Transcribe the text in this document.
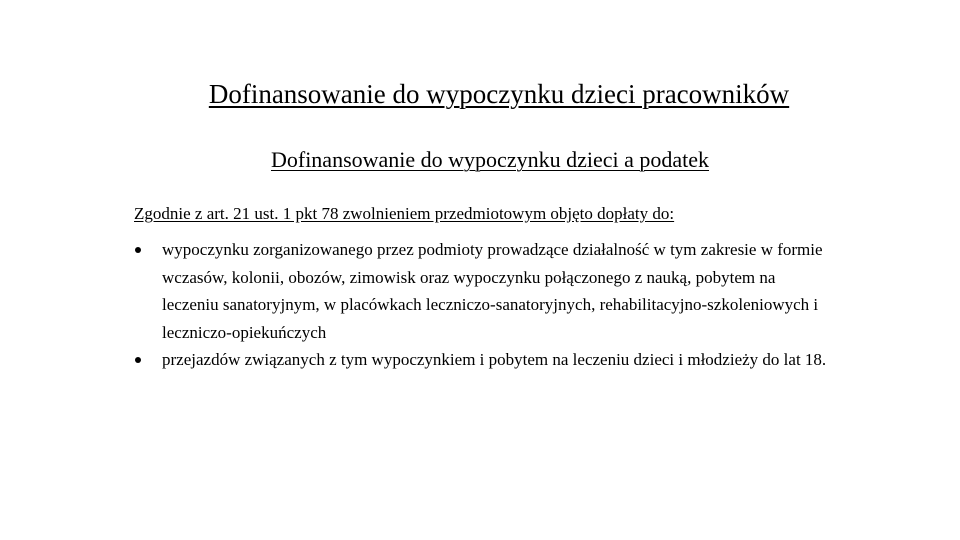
Dofinansowanie do wypoczynku dzieci pracowników
Dofinansowanie do wypoczynku dzieci a podatek

Zgodnie z art. 21 ust. 1 pkt 78 zwolnieniem przedmiotowym objęto dopłaty do:

wypoczynku zorganizowanego przez podmioty prowadzące działalność w tym zakresie w formie wczasów, kolonii, obozów, zimowisk oraz wypoczynku połączonego z nauką, pobytem na leczeniu sanatoryjnym, w placówkach leczniczo-sanatoryjnych, rehabilitacyjno-szkoleniowych i leczniczo-opiekuńczych
przejazdów związanych z tym wypoczynkiem i pobytem na leczeniu dzieci i młodzieży do lat 18.
